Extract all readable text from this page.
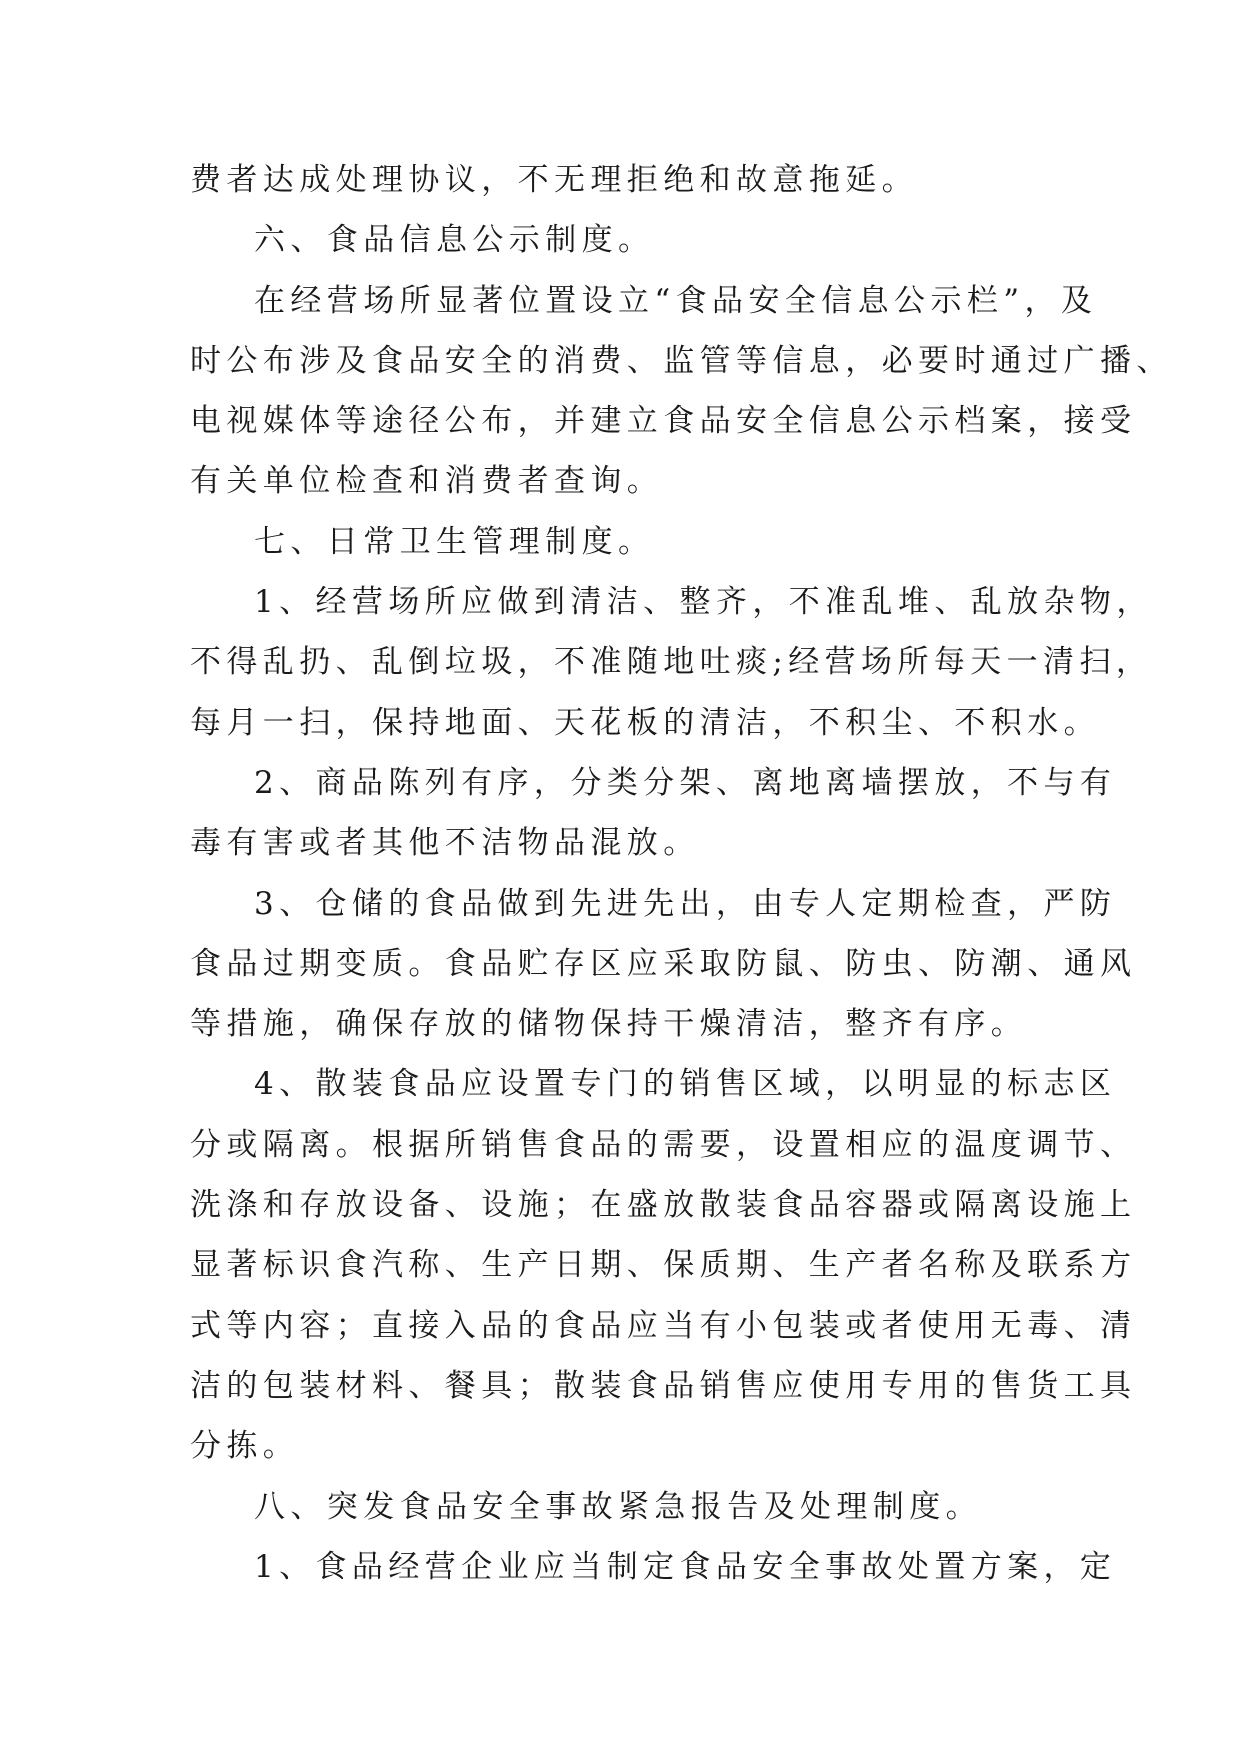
费者达成处理协议，不无理拒绝和故意拖延。
六、食品信息公示制度。
在经营场所显著位置设立“食品安全信息公示栏”，及
时公布涉及食品安全的消费、监管等信息，必要时通过广播、
电视媒体等途径公布，并建立食品安全信息公示档案，接受
有关单位检查和消费者查询。
七、日常卫生管理制度。
1、经营场所应做到清洁、整齐，不准乱堆、乱放杂物，
不得乱扔、乱倒垃圾，不准随地吐痰;经营场所每天一清扫，
每月一扫，保持地面、天花板的清洁，不积尘、不积水。
2、商品陈列有序，分类分架、离地离墙摆放，不与有
毒有害或者其他不洁物品混放。
3、仓储的食品做到先进先出，由专人定期检查，严防
食品过期变质。食品贮存区应采取防鼠、防虫、防潮、通风
等措施，确保存放的储物保持干燥清洁，整齐有序。
4、散装食品应设置专门的销售区域，以明显的标志区
分或隔离。根据所销售食品的需要，设置相应的温度调节、
洗涤和存放设备、设施；在盛放散装食品容器或隔离设施上
显著标识食汽称、生产日期、保质期、生产者名称及联系方
式等内容；直接入品的食品应当有小包装或者使用无毒、清
洁的包装材料、餐具；散装食品销售应使用专用的售货工具
分拣。
八、突发食品安全事故紧急报告及处理制度。
1、食品经营企业应当制定食品安全事故处置方案，定
